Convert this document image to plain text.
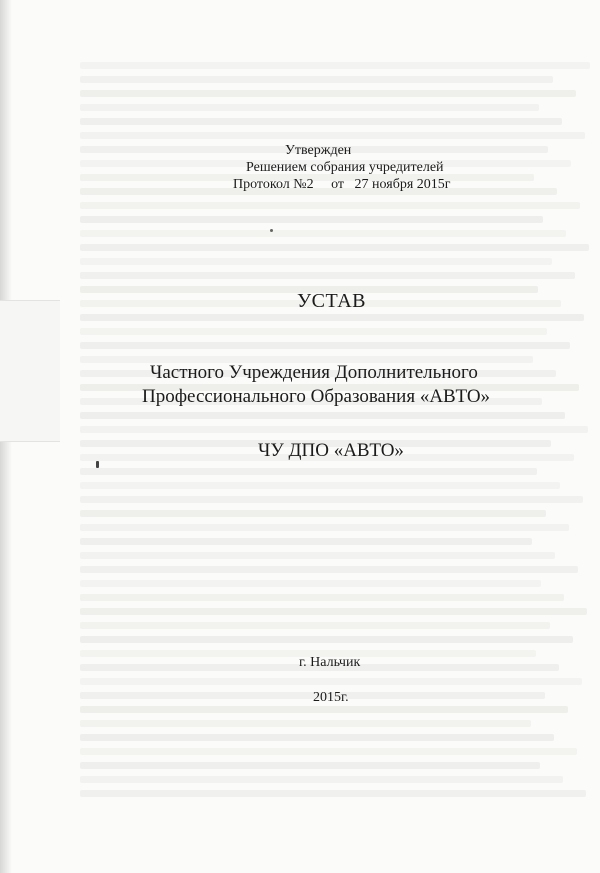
Утвержден
Решением собрания учредителей
Протокол №2     от   27 ноября 2015г
УСТАВ
Частного Учреждения Дополнительного
Профессионального Образования «АВТО»
ЧУ ДПО «АВТО»
г. Нальчик
2015г.
